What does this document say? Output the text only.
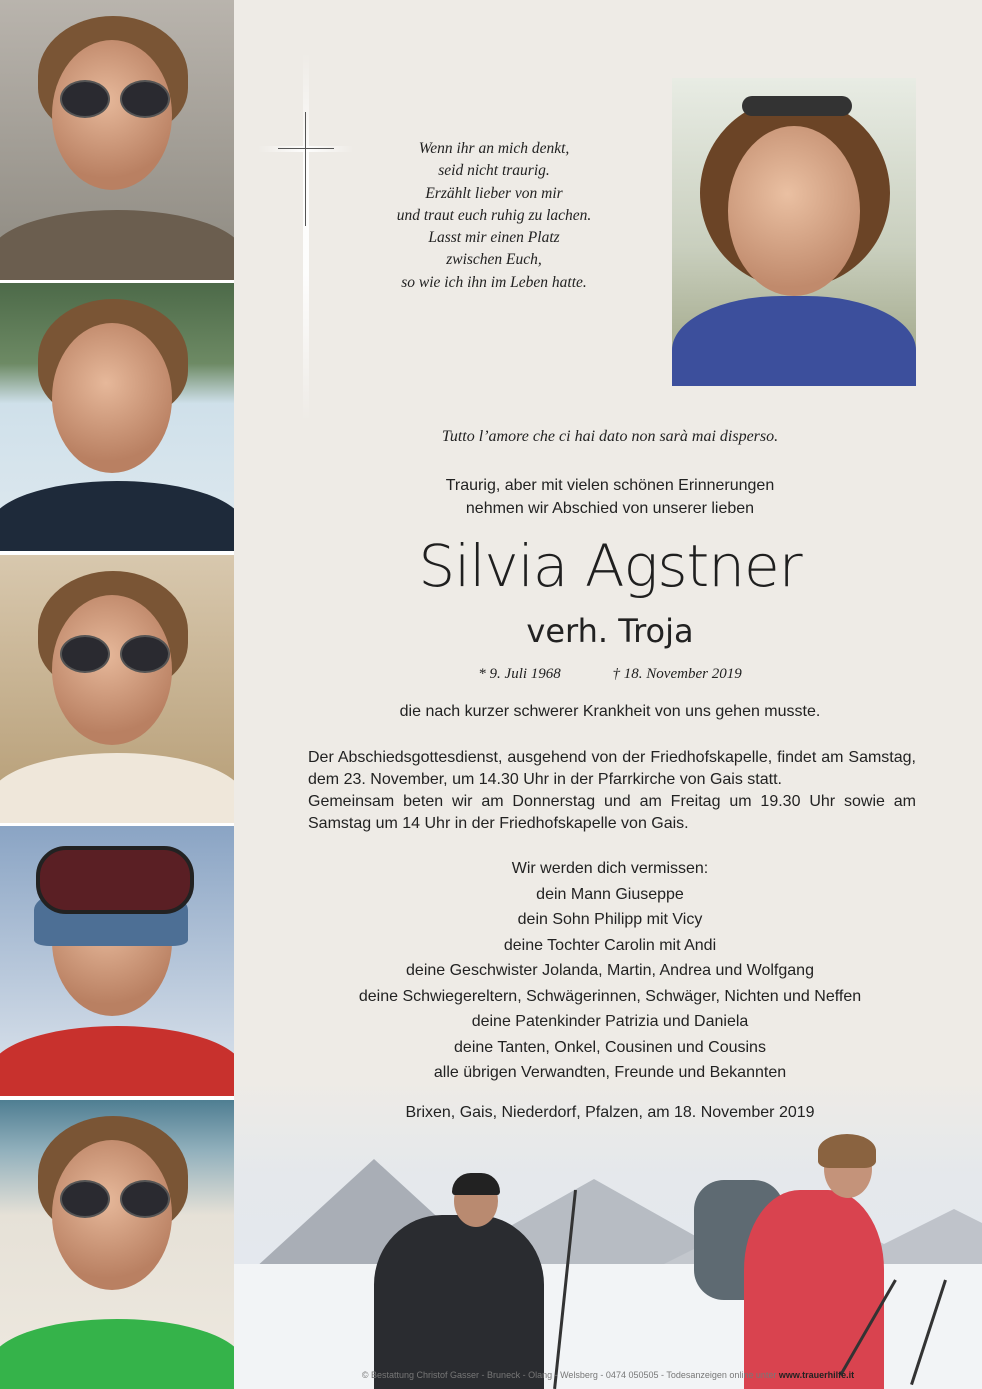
Wenn ihr an mich denkt,
seid nicht traurig.
Erzählt lieber von mir
und traut euch ruhig zu lachen.
Lasst mir einen Platz
zwischen Euch,
so wie ich ihn im Leben hatte.
Tutto l’amore che ci hai dato non sarà mai disperso.
Traurig, aber mit vielen schönen Erinnerungen
nehmen wir Abschied von unserer lieben
Silvia Agstner
verh. Troja
* 9. Juli 1968	† 18. November 2019
die nach kurzer schwerer Krankheit von uns gehen musste.
Der Abschiedsgottesdienst, ausgehend von der Friedhofskapelle, findet am Samstag,
dem 23. November, um 14.30 Uhr in der Pfarrkirche von Gais statt.
Gemeinsam beten wir am Donnerstag und am Freitag um 19.30 Uhr sowie am
Samstag um 14 Uhr in der Friedhofskapelle von Gais.
Wir werden dich vermissen:
dein Mann Giuseppe
dein Sohn Philipp mit Vicy
deine Tochter Carolin mit Andi
deine Geschwister Jolanda, Martin, Andrea und Wolfgang
deine Schwiegereltern, Schwägerinnen, Schwäger, Nichten und Neffen
deine Patenkinder Patrizia und Daniela
deine Tanten, Onkel, Cousinen und Cousins
alle übrigen Verwandten, Freunde und Bekannten
Brixen, Gais, Niederdorf, Pfalzen, am 18. November 2019
© Bestattung Christof Gasser - Bruneck - Olang - Welsberg - 0474 050505 - Todesanzeigen online unter www.trauerhilfe.it
